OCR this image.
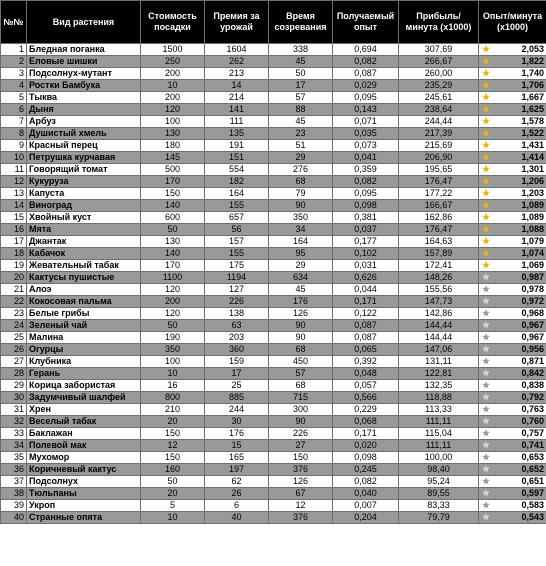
№№	Вид растения	Стоимость посадки	Премия за урожай	Время созревания	Получаемый опыт	Прибыль/минута (x1000)	Опыт/минута (x1000)
1	Бледная поганка	1500	1604	338	0,694	307,69	★ 2,053

2	Еловые шишки	250	262	45	0,082	266,67	★ 1,822

3	Подсолнух-мутант	200	213	50	0,087	260,00	★ 1,740

4	Ростки Бамбука	10	14	17	0,029	235,29	★ 1,706

5	Тыква	200	214	57	0,095	245,61	★ 1,667

6	Дыня	120	141	88	0,143	238,64	★ 1,625

7	Арбуз	100	111	45	0,071	244,44	★ 1,578

8	Душистый хмель	130	135	23	0,035	217,39	★ 1,522

9	Красный перец	180	191	51	0,073	215,69	★ 1,431

10	Петрушка курчавая	145	151	29	0,041	206,90	★ 1,414

11	Говорящий томат	500	554	276	0,359	195,65	★ 1,301

12	Кукуруза	170	182	68	0,082	176,47	★ 1,206

13	Капуста	150	164	79	0,095	177,22	★ 1,203

14	Виноград	140	155	90	0,098	166,67	★ 1,089

15	Хвойный куст	600	657	350	0,381	162,86	★ 1,089

16	Мята	50	56	34	0,037	176,47	★ 1,088

17	Джантак	130	157	164	0,177	164,63	★ 1,079

18	Кабачок	140	155	95	0,102	157,89	★ 1,074

19	Жевательный табак	170	175	29	0,031	172,41	★ 1,069

20	Кактусы пушистые	1100	1194	634	0,626	148,26	★ 0,987

21	Алоэ	120	127	45	0,044	155,56	★ 0,978

22	Кокосовая пальма	200	226	176	0,171	147,73	★ 0,972

23	Белые грибы	120	138	126	0,122	142,86	★ 0,968

24	Зеленый чай	50	63	90	0,087	144,44	★ 0,967

25	Малина	190	203	90	0,087	144,44	★ 0,967

26	Огурцы	350	360	68	0,065	147,06	★ 0,956

27	Клубника	100	159	450	0,392	131,11	★ 0,871

28	Герань	10	17	57	0,048	122,81	★ 0,842

29	Корица забористая	16	25	68	0,057	132,35	★ 0,838

30	Задумчивый шалфей	800	885	715	0,566	118,88	★ 0,792

31	Хрен	210	244	300	0,229	113,33	★ 0,763

32	Веселый табак	20	30	90	0,068	111,11	★ 0,760

33	Баклажан	150	176	226	0,171	115,04	★ 0,757

34	Полевой мак	12	15	27	0,020	111,11	★ 0,741

35	Мухомор	150	165	150	0,098	100,00	★ 0,653

36	Коричневый кактус	160	197	376	0,245	98,40	★ 0,652

37	Подсолнух	50	62	126	0,082	95,24	★ 0,651

38	Тюльпаны	20	26	67	0,040	89,55	★ 0,597

39	Укроп	5	6	12	0,007	83,33	★ 0,583

40	Странные опята	10	40	376	0,204	79,79	★ 0,543
